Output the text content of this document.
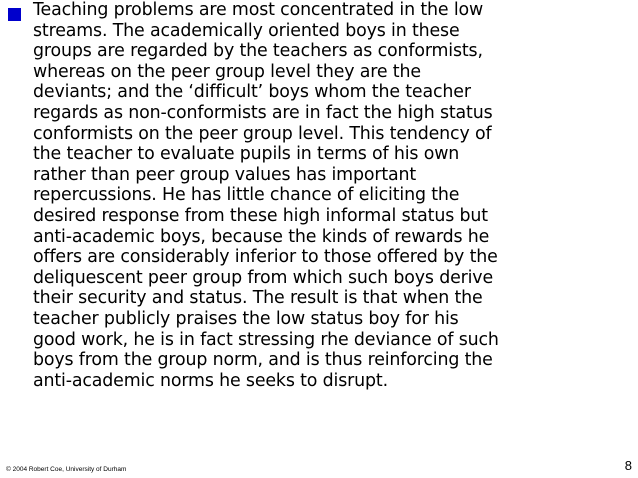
Teaching problems are most concentrated in the low
streams. The academically oriented boys in these
groups are regarded by the teachers as conformists,
whereas on the peer group level they are the
deviants; and the ‘difficult’ boys whom the teacher
regards as non-conformists are in fact the high status
conformists on the peer group level. This tendency of
the teacher to evaluate pupils in terms of his own
rather than peer group values has important
repercussions. He has little chance of eliciting the
desired response from these high informal status but
anti-academic boys, because the kinds of rewards he
offers are considerably inferior to those offered by the
deliquescent peer group from which such boys derive
their security and status. The result is that when the
teacher publicly praises the low status boy for his
good work, he is in fact stressing rhe deviance of such
boys from the group norm, and is thus reinforcing the
anti-academic norms he seeks to disrupt.

© 2004 Robert Coe, University of Durham	8
